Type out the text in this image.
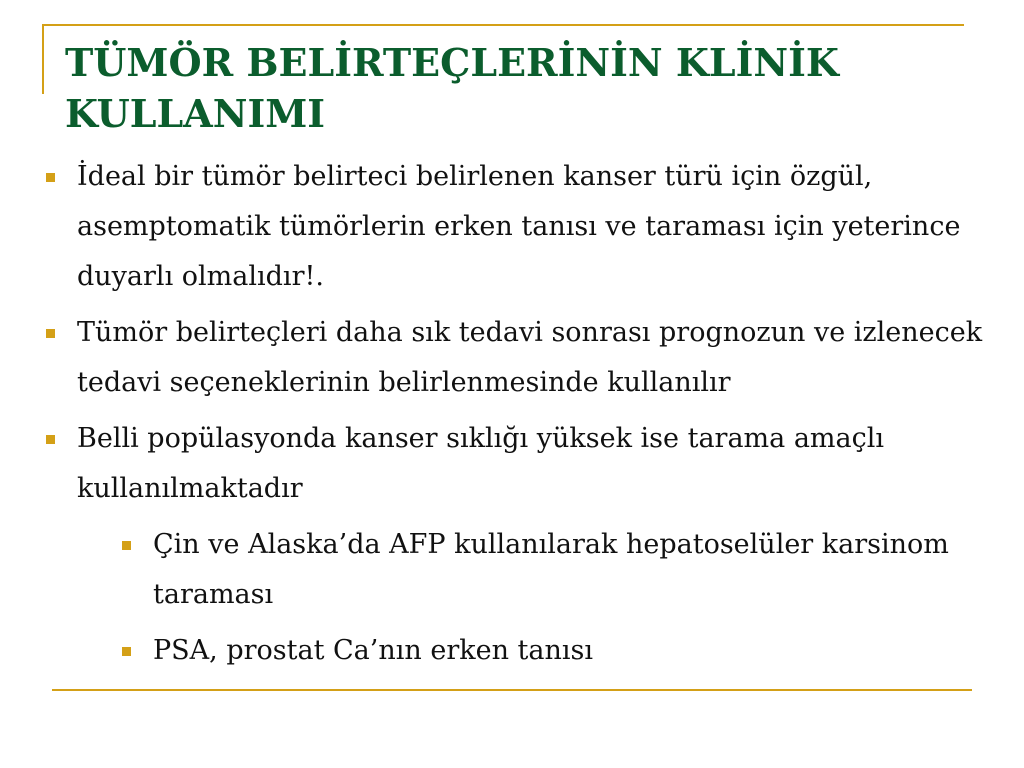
TÜMÖR BELİRTEÇLERİNİN KLİNİK KULLANIMI
İdeal bir tümör belirteci belirlenen kanser türü için özgül, asemptomatik tümörlerin erken tanısı ve taraması için yeterince duyarlı olmalıdır!.
Tümör belirteçleri daha sık tedavi sonrası prognozun ve izlenecek tedavi seçeneklerinin belirlenmesinde kullanılır
Belli popülasyonda kanser sıklığı yüksek ise tarama amaçlı kullanılmaktadır
Çin ve Alaska’da AFP kullanılarak hepatoselüler karsinom taraması
PSA, prostat Ca’nın erken tanısı
